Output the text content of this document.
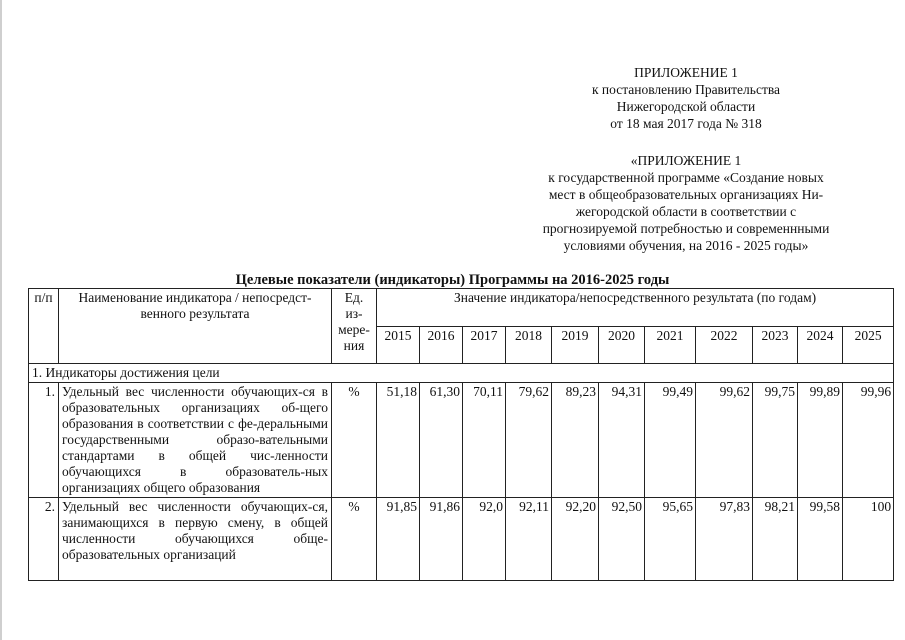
ПРИЛОЖЕНИЕ 1
к постановлению Правительства
Нижегородской области
от 18 мая 2017 года № 318
«ПРИЛОЖЕНИЕ 1
к государственной программе «Создание новых
мест в общеобразовательных организациях Ни-
жегородской области в соответствии с
прогнозируемой потребностью и современнными
условиями обучения, на 2016 - 2025 годы»
Целевые показатели (индикаторы) Программы на 2016-2025 годы
п/п	Наименование индикатора / непосредст-венного результата	Ед. из-мере-ния	Значение индикатора/непосредственного результата (по годам)										
			2015	2016	2017	2018	2019	2020	2021	2022	2023	2024	2025
1. Индикаторы достижения цели													
1.	Удельный вес численности обучающих-ся в образовательных организациях об-щего образования в соответствии с фе-деральными государственными образо-вательными стандартами в общей чис-ленности обучающихся в образователь-ных организациях общего образования	%	51,18	61,30	70,11	79,62	89,23	94,31	99,49	99,62	99,75	99,89	99,96
2.	Удельный вес численности обучающих-ся, занимающихся в первую смену, в общей численности обучающихся обще-образовательных организаций	%	91,85	91,86	92,0	92,11	92,20	92,50	95,65	97,83	98,21	99,58	100
